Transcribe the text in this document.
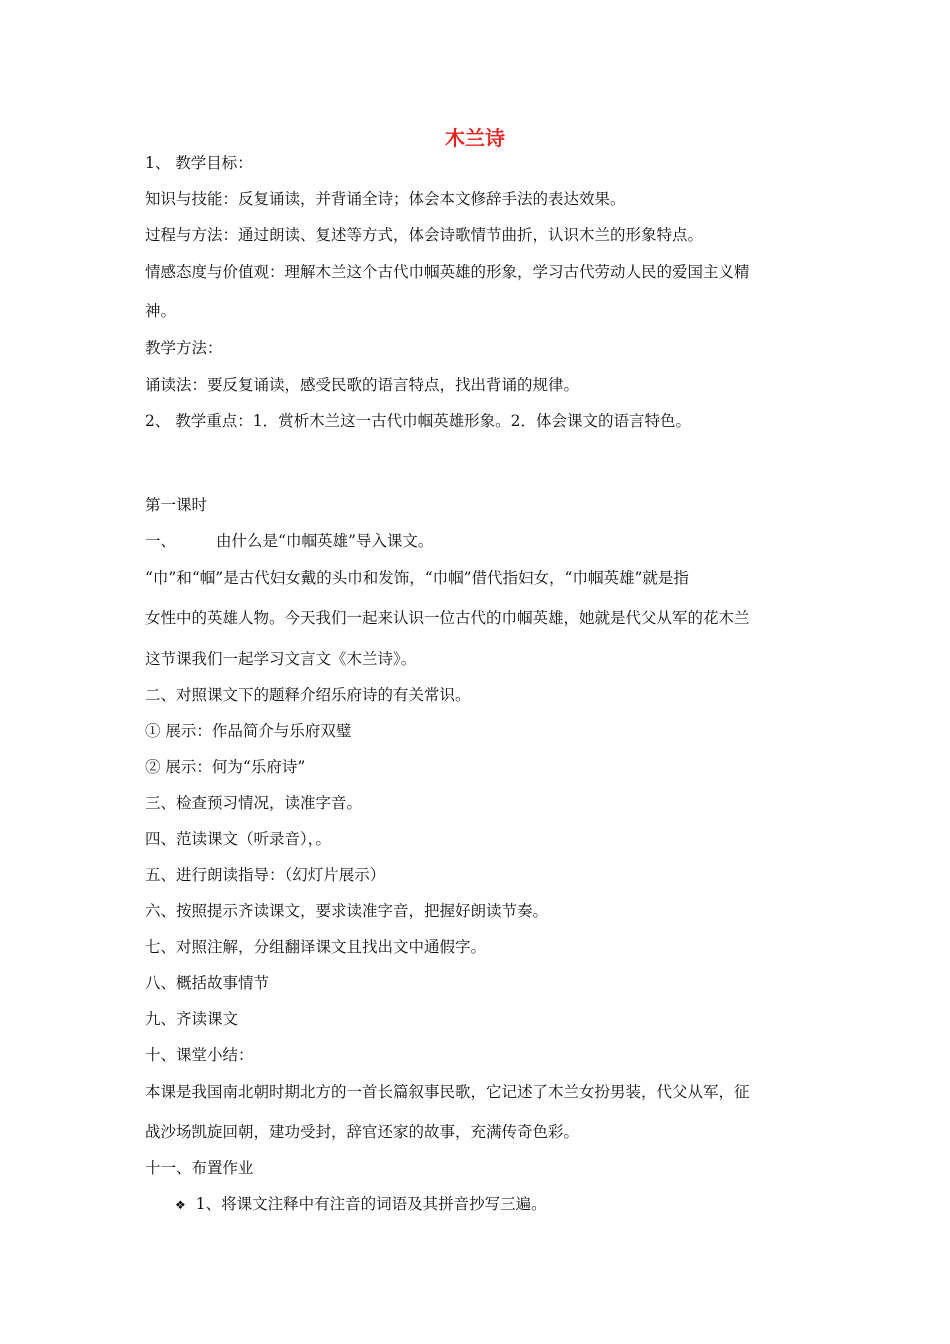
木兰诗
1、 教学目标：
知识与技能：反复诵读，并背诵全诗；体会本文修辞手法的表达效果。
过程与方法：通过朗读、复述等方式，体会诗歌情节曲折，认识木兰的形象特点。
情感态度与价值观：理解木兰这个古代巾帼英雄的形象，学习古代劳动人民的爱国主义精
神。
教学方法：
诵读法：要反复诵读，感受民歌的语言特点，找出背诵的规律。
2、 教学重点：1．赏析木兰这一古代巾帼英雄形象。2．体会课文的语言特色。
第一课时
一、	由什么是“巾帼英雄”导入课文。
“巾”和“帼”是古代妇女戴的头巾和发饰，“巾帼”借代指妇女，“巾帼英雄”就是指
女性中的英雄人物。今天我们一起来认识一位古代的巾帼英雄，她就是代父从军的花木兰
这节课我们一起学习文言文《木兰诗》。
二、对照课文下的题释介绍乐府诗的有关常识。
① 展示：作品简介与乐府双璧
② 展示：何为“乐府诗”
三、检查预习情况，读准字音。
四、范读课文（听录音），。
五、进行朗读指导：（幻灯片展示）
六、按照提示齐读课文，要求读准字音，把握好朗读节奏。
七、对照注解，分组翻译课文且找出文中通假字。
八、概括故事情节
九、齐读课文
十、课堂小结：
本课是我国南北朝时期北方的一首长篇叙事民歌，它记述了木兰女扮男装，代父从军，征
战沙场凯旋回朝，建功受封，辞官还家的故事，充满传奇色彩。
十一、布置作业
❖ 1、将课文注释中有注音的词语及其拼音抄写三遍。
